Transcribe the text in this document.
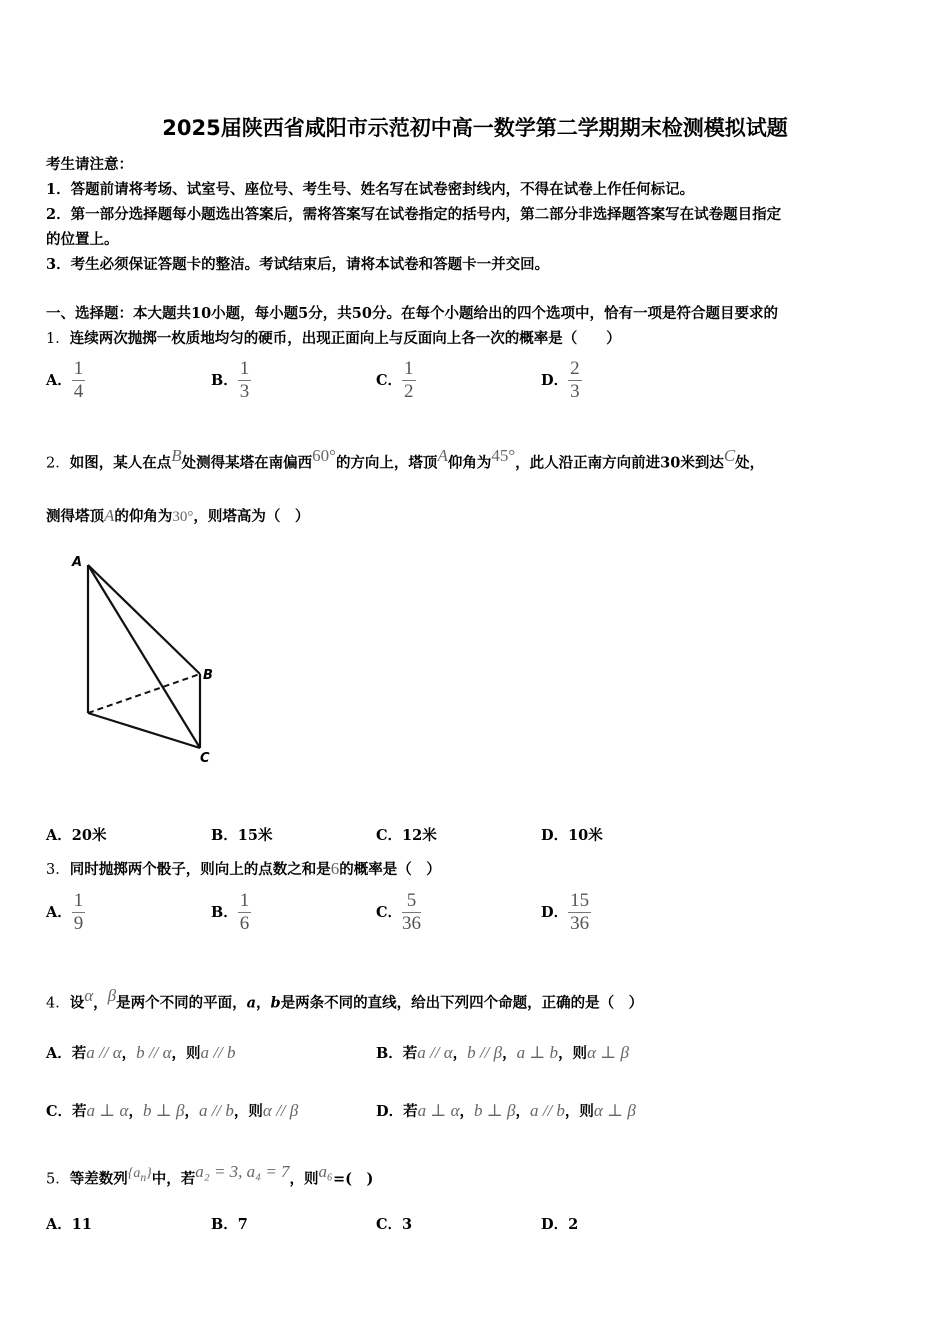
2025届陕西省咸阳市示范初中高一数学第二学期期末检测模拟试题
考生请注意：
1．答题前请将考场、试室号、座位号、考生号、姓名写在试卷密封线内，不得在试卷上作任何标记。
2．第一部分选择题每小题选出答案后，需将答案写在试卷指定的括号内，第二部分非选择题答案写在试卷题目指定
的位置上。
3．考生必须保证答题卡的整洁。考试结束后，请将本试卷和答题卡一并交回。
一、选择题：本大题共10小题，每小题5分，共50分。在每个小题给出的四个选项中，恰有一项是符合题目要求的
1．连续两次抛掷一枚质地均匀的硬币，出现正面向上与反面向上各一次的概率是（　　）
A． $\frac{1}{4}$	B． $\frac{1}{3}$	C． $\frac{1}{2}$	D． $\frac{2}{3}$
2．如图，某人在点$^B$处测得某塔在南偏西$^{60^\circ}$的方向上，塔顶$^A$仰角为$^{45^\circ}$，此人沿正南方向前进30米到达$^C$处，
测得塔顶A的仰角为30°，则塔高为（　）
A
B
C
A．20米	B．15米	C．12米	D．10米
3．同时抛掷两个骰子，则向上的点数之和是6的概率是（　）
A． $\frac{1}{9}$	B． $\frac{1}{6}$	C． $\frac{5}{36}$	D． $\frac{15}{36}$
4．设$^\alpha$，$^\beta$是两个不同的平面，a，b是两条不同的直线，给出下列四个命题，正确的是（　）
A．若a // α，b // α，则a // b	B．若a // α，b // β，a ⊥ b，则α ⊥ β
C．若a ⊥ α，b ⊥ β，a // b，则α // β	D．若a ⊥ α，b ⊥ β，a // b，则α ⊥ β
5．等差数列$^{\{a_n\}}$中，若$^{a_2 = 3, a_4 = 7}$，则$^{a_6}$=(　)
A．11	B．7	C．3	D．2
